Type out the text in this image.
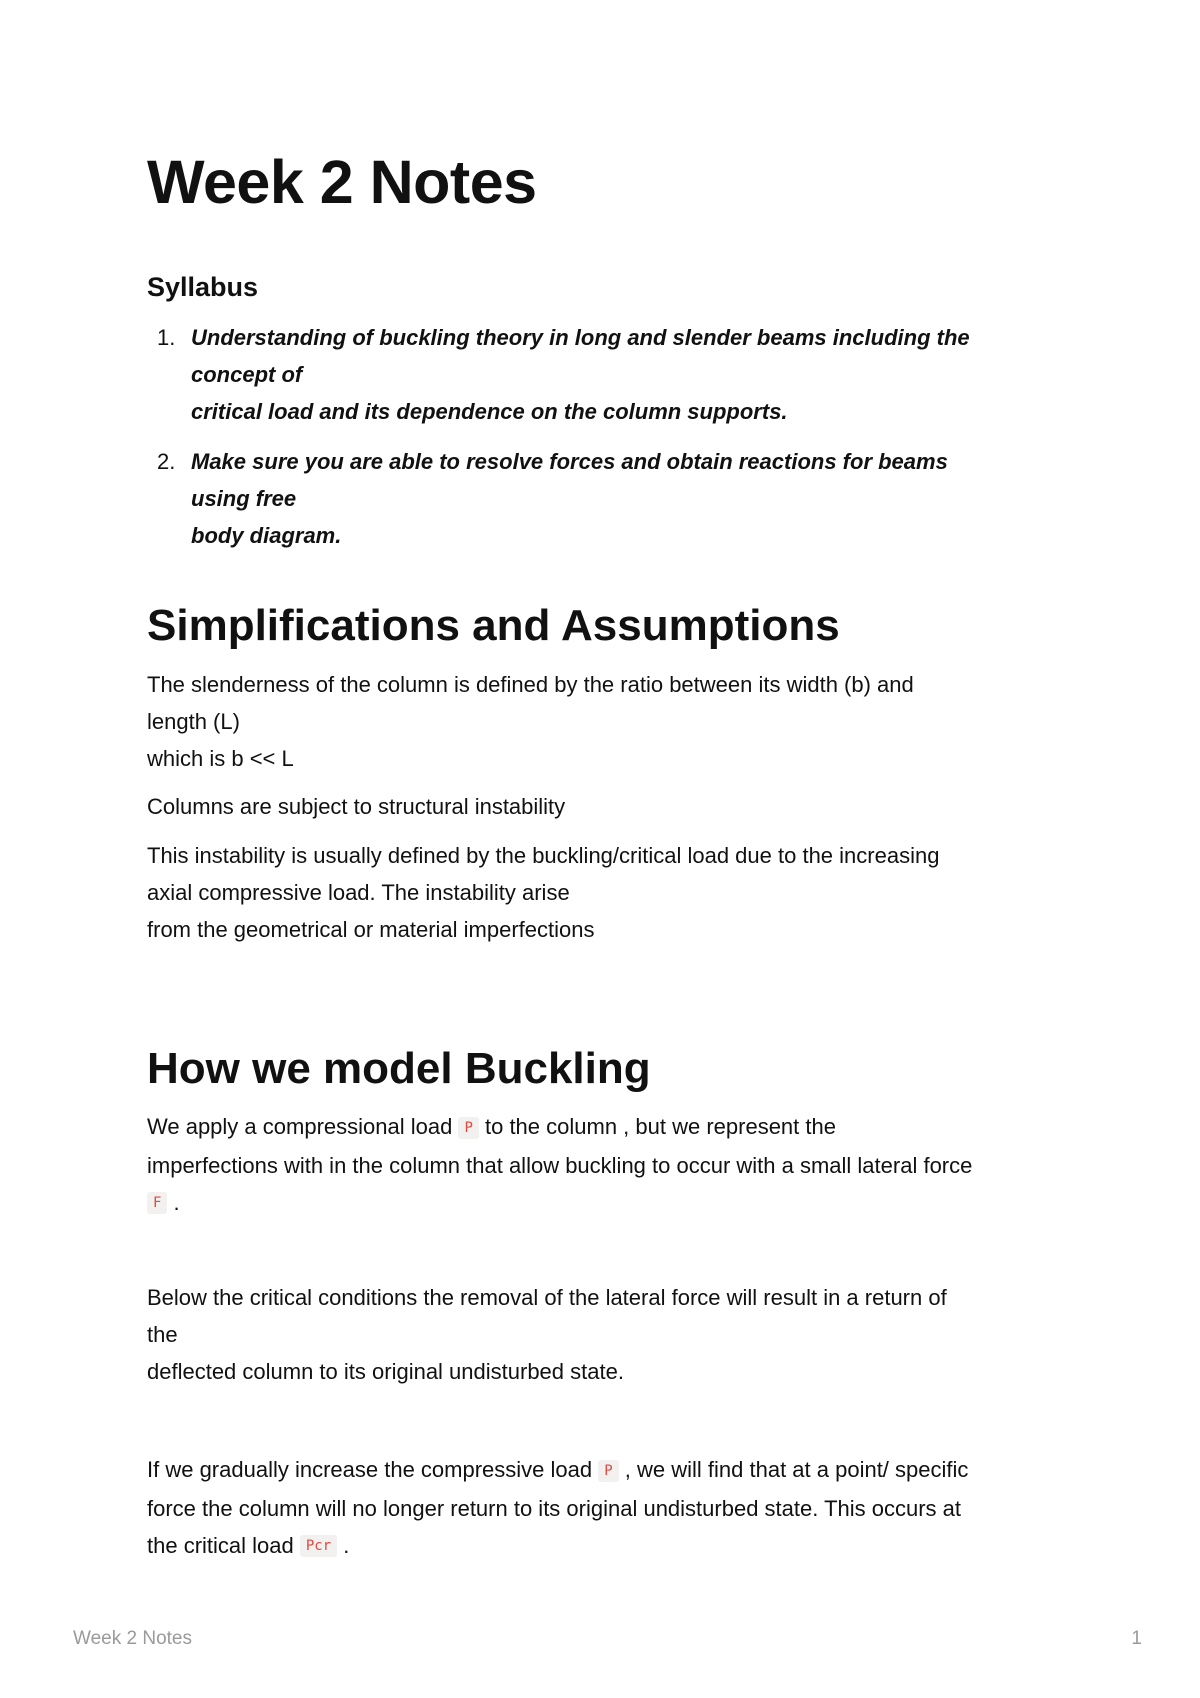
Week 2 Notes
Syllabus
1. Understanding of buckling theory in long and slender beams including the
concept of
critical load and its dependence on the column supports.
2. Make sure you are able to resolve forces and obtain reactions for beams
using free
body diagram.
Simplifications and Assumptions
The slenderness of the column is defined by the ratio between its width (b) and
length (L)
which is b << L
Columns are subject to structural instability
This instability is usually defined by the buckling/critical load due to the increasing
axial compressive load. The instability arise
from the geometrical or material imperfections
How we model Buckling
We apply a compressional load P to the column , but we represent the
imperfections with in the column that allow buckling to occur with a small lateral force
F .
Below the critical conditions the removal of the lateral force will result in a return of
the
deflected column to its original undisturbed state.
If we gradually increase the compressive load P , we will find that at a point/ specific
force the column will no longer return to its original undisturbed state. This occurs at
the critical load Pcr .
Week 2 Notes	1
